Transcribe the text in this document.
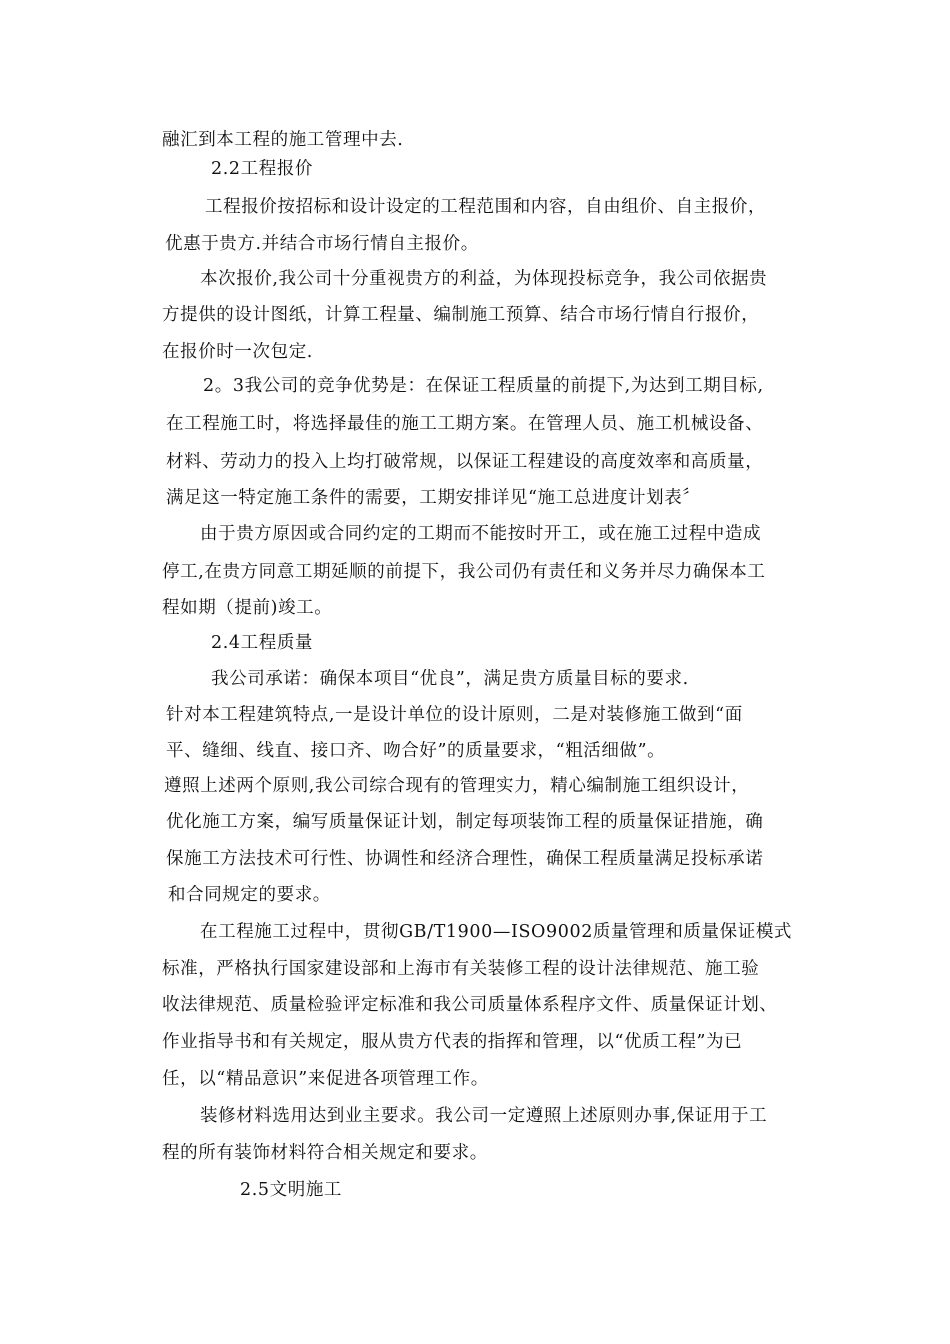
融汇到本工程的施工管理中去.
2.2工程报价
工程报价按招标和设计设定的工程范围和内容，自由组价、自主报价，
优惠于贵方.并结合市场行情自主报价。
本次报价,我公司十分重视贵方的利益，为体现投标竞争，我公司依据贵
方提供的设计图纸，计算工程量、编制施工预算、结合市场行情自行报价，
在报价时一次包定.
2。3我公司的竞争优势是：在保证工程质量的前提下,为达到工期目标,
在工程施工时，将选择最佳的施工工期方案。在管理人员、施工机械设备、
材料、劳动力的投入上均打破常规，以保证工程建设的高度效率和高质量，
满足这一特定施工条件的需要，工期安排详见“施工总进度计划表〞
由于贵方原因或合同约定的工期而不能按时开工，或在施工过程中造成
停工,在贵方同意工期延顺的前提下，我公司仍有责任和义务并尽力确保本工
程如期（提前)竣工。
2.4工程质量
我公司承诺：确保本项目“优良”，满足贵方质量目标的要求.
针对本工程建筑特点,一是设计单位的设计原则，二是对装修施工做到“面
平、缝细、线直、接口齐、吻合好”的质量要求，“粗活细做”。
遵照上述两个原则,我公司综合现有的管理实力，精心编制施工组织设计，
优化施工方案，编写质量保证计划，制定每项装饰工程的质量保证措施，确
保施工方法技术可行性、协调性和经济合理性，确保工程质量满足投标承诺
和合同规定的要求。
在工程施工过程中，贯彻GB/T1900—ISO9002质量管理和质量保证模式
标准，严格执行国家建设部和上海市有关装修工程的设计法律规范、施工验
收法律规范、质量检验评定标准和我公司质量体系程序文件、质量保证计划、
作业指导书和有关规定，服从贵方代表的指挥和管理，以“优质工程”为已
任，以“精品意识”来促进各项管理工作。
装修材料选用达到业主要求。我公司一定遵照上述原则办事,保证用于工
程的所有装饰材料符合相关规定和要求。
2.5文明施工
